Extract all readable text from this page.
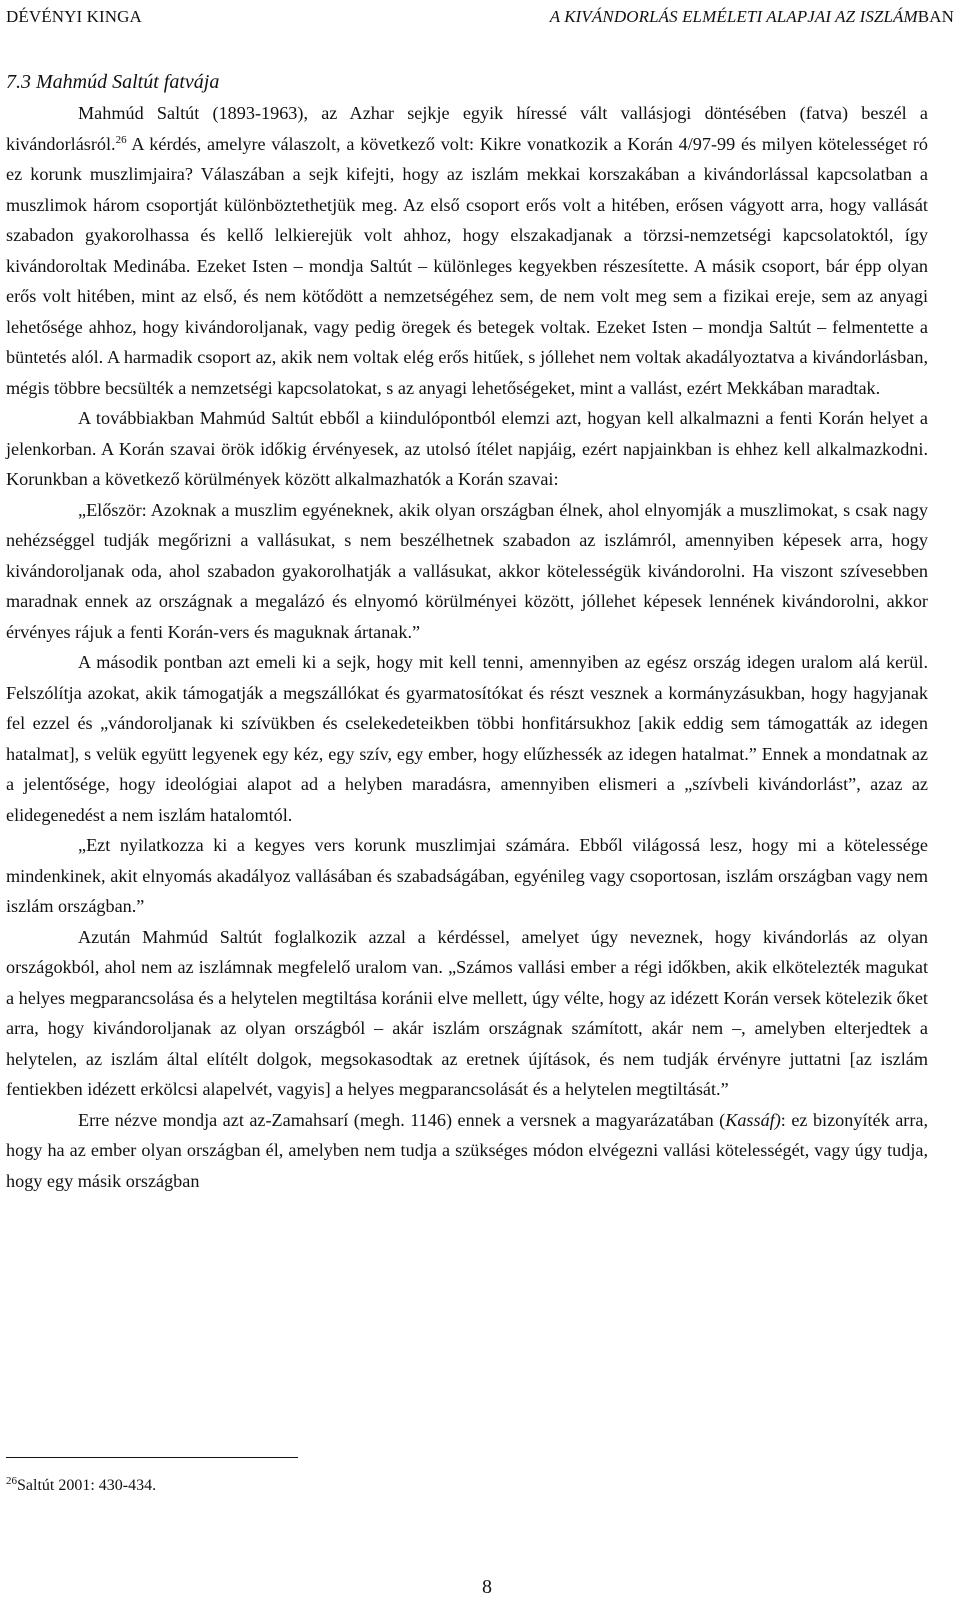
DÉVÉNYI KINGA	A KIVÁNDORLÁS ELMÉLETI ALAPJAI AZ ISZLÁMBAN
7.3 Mahmúd Saltút fatvája

Mahmúd Saltút (1893-1963), az Azhar sejkje egyik híressé vált vallásjogi döntésében (fatva) beszél a kivándorlásról.$^{26}$ A kérdés, amelyre válaszolt, a következő volt: Kikre vonatkozik a Korán 4/97-99 és milyen kötelességet ró ez korunk muszlimjaira? Válaszában a sejk kifejti, hogy az iszlám mekkai korszakában a kivándorlással kapcsolatban a muszlimok három csoportját különböztethetjük meg. Az első csoport erős volt a hitében, erősen vágyott arra, hogy vallását szabadon gyakorolhassa és kellő lelkierejük volt ahhoz, hogy elszakadjanak a törzsi-nemzetségi kapcsolatoktól, így kivándoroltak Medinába. Ezeket Isten – mondja Saltút – különleges kegyekben részesítette. A másik csoport, bár épp olyan erős volt hitében, mint az első, és nem kötődött a nemzetségéhez sem, de nem volt meg sem a fizikai ereje, sem az anyagi lehetősége ahhoz, hogy kivándoroljanak, vagy pedig öregek és betegek voltak. Ezeket Isten – mondja Saltút – felmentette a büntetés alól. A harmadik csoport az, akik nem voltak elég erős hitűek, s jóllehet nem voltak akadályoztatva a kivándorlásban, mégis többre becsülték a nemzetségi kapcsolatokat, s az anyagi lehetőségeket, mint a vallást, ezért Mekkában maradtak.

A továbbiakban Mahmúd Saltút ebből a kiindulópontból elemzi azt, hogyan kell alkalmazni a fenti Korán helyet a jelenkorban. A Korán szavai örök időkig érvényesek, az utolsó ítélet napjáig, ezért napjainkban is ehhez kell alkalmazkodni. Korunkban a következő körülmények között alkalmazhatók a Korán szavai:

„Először: Azoknak a muszlim egyéneknek, akik olyan országban élnek, ahol elnyomják a muszlimokat, s csak nagy nehézséggel tudják megőrizni a vallásukat, s nem beszélhetnek szabadon az iszlámról, amennyiben képesek arra, hogy kivándoroljanak oda, ahol szabadon gyakorolhatják a vallásukat, akkor kötelességük kivándorolni. Ha viszont szívesebben maradnak ennek az országnak a megalázó és elnyomó körülményei között, jóllehet képesek lennének kivándorolni, akkor érvényes rájuk a fenti Korán-vers és maguknak ártanak.”

A második pontban azt emeli ki a sejk, hogy mit kell tenni, amennyiben az egész ország idegen uralom alá kerül. Felszólítja azokat, akik támogatják a megszállókat és gyarmatosítókat és részt vesznek a kormányzásukban, hogy hagyjanak fel ezzel és „vándoroljanak ki szívükben és cselekedeteikben többi honfitársukhoz [akik eddig sem támogatták az idegen hatalmat], s velük együtt legyenek egy kéz, egy szív, egy ember, hogy elűzhessék az idegen hatalmat.” Ennek a mondatnak az a jelentősége, hogy ideológiai alapot ad a helyben maradásra, amennyiben elismeri a „szívbeli kivándorlást”, azaz az elidegenedést a nem iszlám hatalomtól.

„Ezt nyilatkozza ki a kegyes vers korunk muszlimjai számára. Ebből világossá lesz, hogy mi a kötelessége mindenkinek, akit elnyomás akadályoz vallásában és szabadságában, egyénileg vagy csoportosan, iszlám országban vagy nem iszlám országban.”

Azután Mahmúd Saltút foglalkozik azzal a kérdéssel, amelyet úgy neveznek, hogy kivándorlás az olyan országokból, ahol nem az iszlámnak megfelelő uralom van. „Számos vallási ember a régi időkben, akik elkötelezték magukat a helyes megparancsolása és a helytelen megtiltása koránii elve mellett, úgy vélte, hogy az idézett Korán versek kötelezik őket arra, hogy kivándoroljanak az olyan országból – akár iszlám országnak számított, akár nem –, amelyben elterjedtek a helytelen, az iszlám által elítélt dolgok, megsokasodtak az eretnek újítások, és nem tudják érvényre juttatni [az iszlám fentiekben idézett erkölcsi alapelvét, vagyis] a helyes megparancsolását és a helytelen megtiltását.”

Erre nézve mondja azt az-Zamahsarí (megh. 1146) ennek a versnek a magyarázatában (Kassáf): ez bizonyíték arra, hogy ha az ember olyan országban él, amelyben nem tudja a szükséges módon elvégezni vallási kötelességét, vagy úgy tudja, hogy egy másik országban

$^{26}$Saltút 2001: 430-434.
8
